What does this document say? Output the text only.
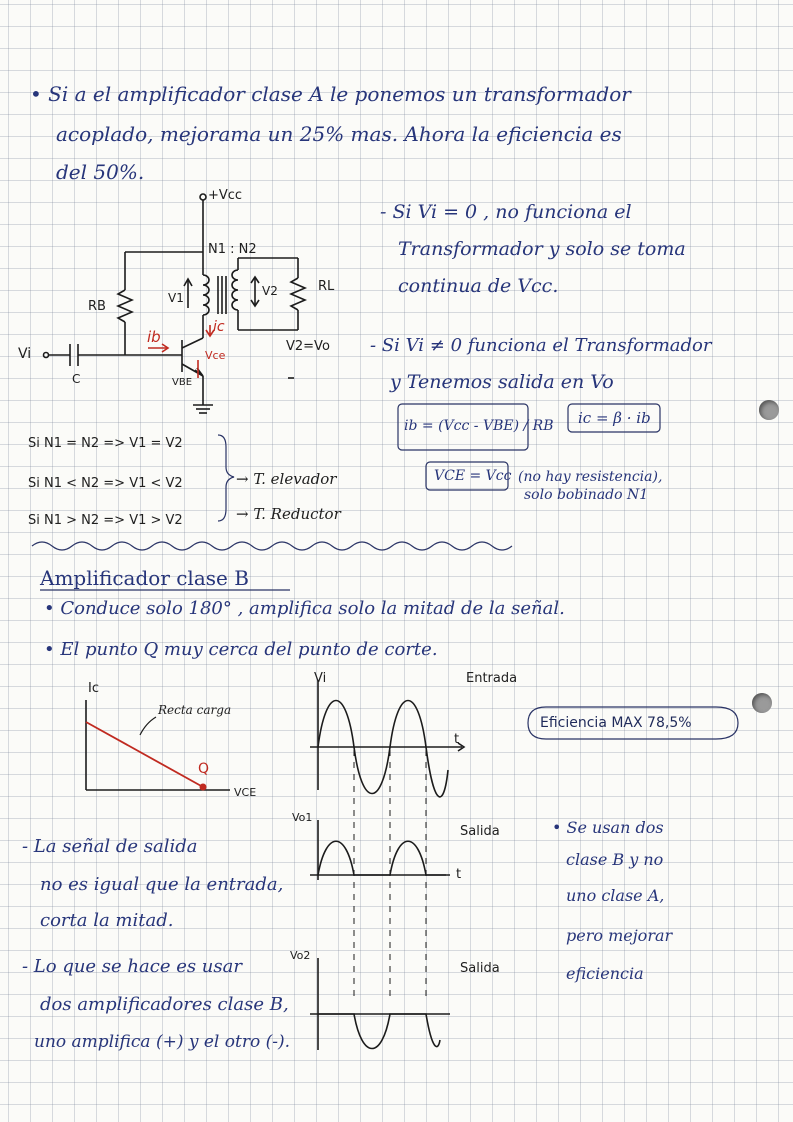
• Si a el amplificador clase A le ponemos un transformador
acoplado, mejorama un 25% mas. Ahora la eficiencia es
del 50%.
+Vcc
N1 : N2
RB
V1	V2	RL
V2=Vo
Vi
C
ib
ic
Vce
VBE
- Si Vi = 0 , no funciona el
Transformador y solo se toma
continua de Vcc.
- Si Vi ≠ 0 funciona el Transformador
y Tenemos salida en Vo
ib = (Vcc - VBE) / RB ic = β · ib
VCE = Vcc (no hay resistencia),
solo bobinado N1
Si N1 = N2 => V1 = V2
Si N1 < N2 => V1 < V2
Si N1 > N2 => V1 > V2
→ T. elevador
→ T. Reductor
Amplificador clase B
• Conduce solo 180° , amplifica solo la mitad de la señal.
• El punto Q muy cerca del punto de corte.
Eficiencia MAX 78,5%
Ic
VCE
Recta carga
Q
Vi	Entrada
t
Vo1
Salida
t
Vo2
Salida
- La señal de salida
no es igual que la entrada,
corta la mitad.
- Lo que se hace es usar
dos amplificadores clase B,
uno amplifica (+) y el otro (-).
• Se usan dos
clase B y no
uno clase A,
pero mejorar
eficiencia
